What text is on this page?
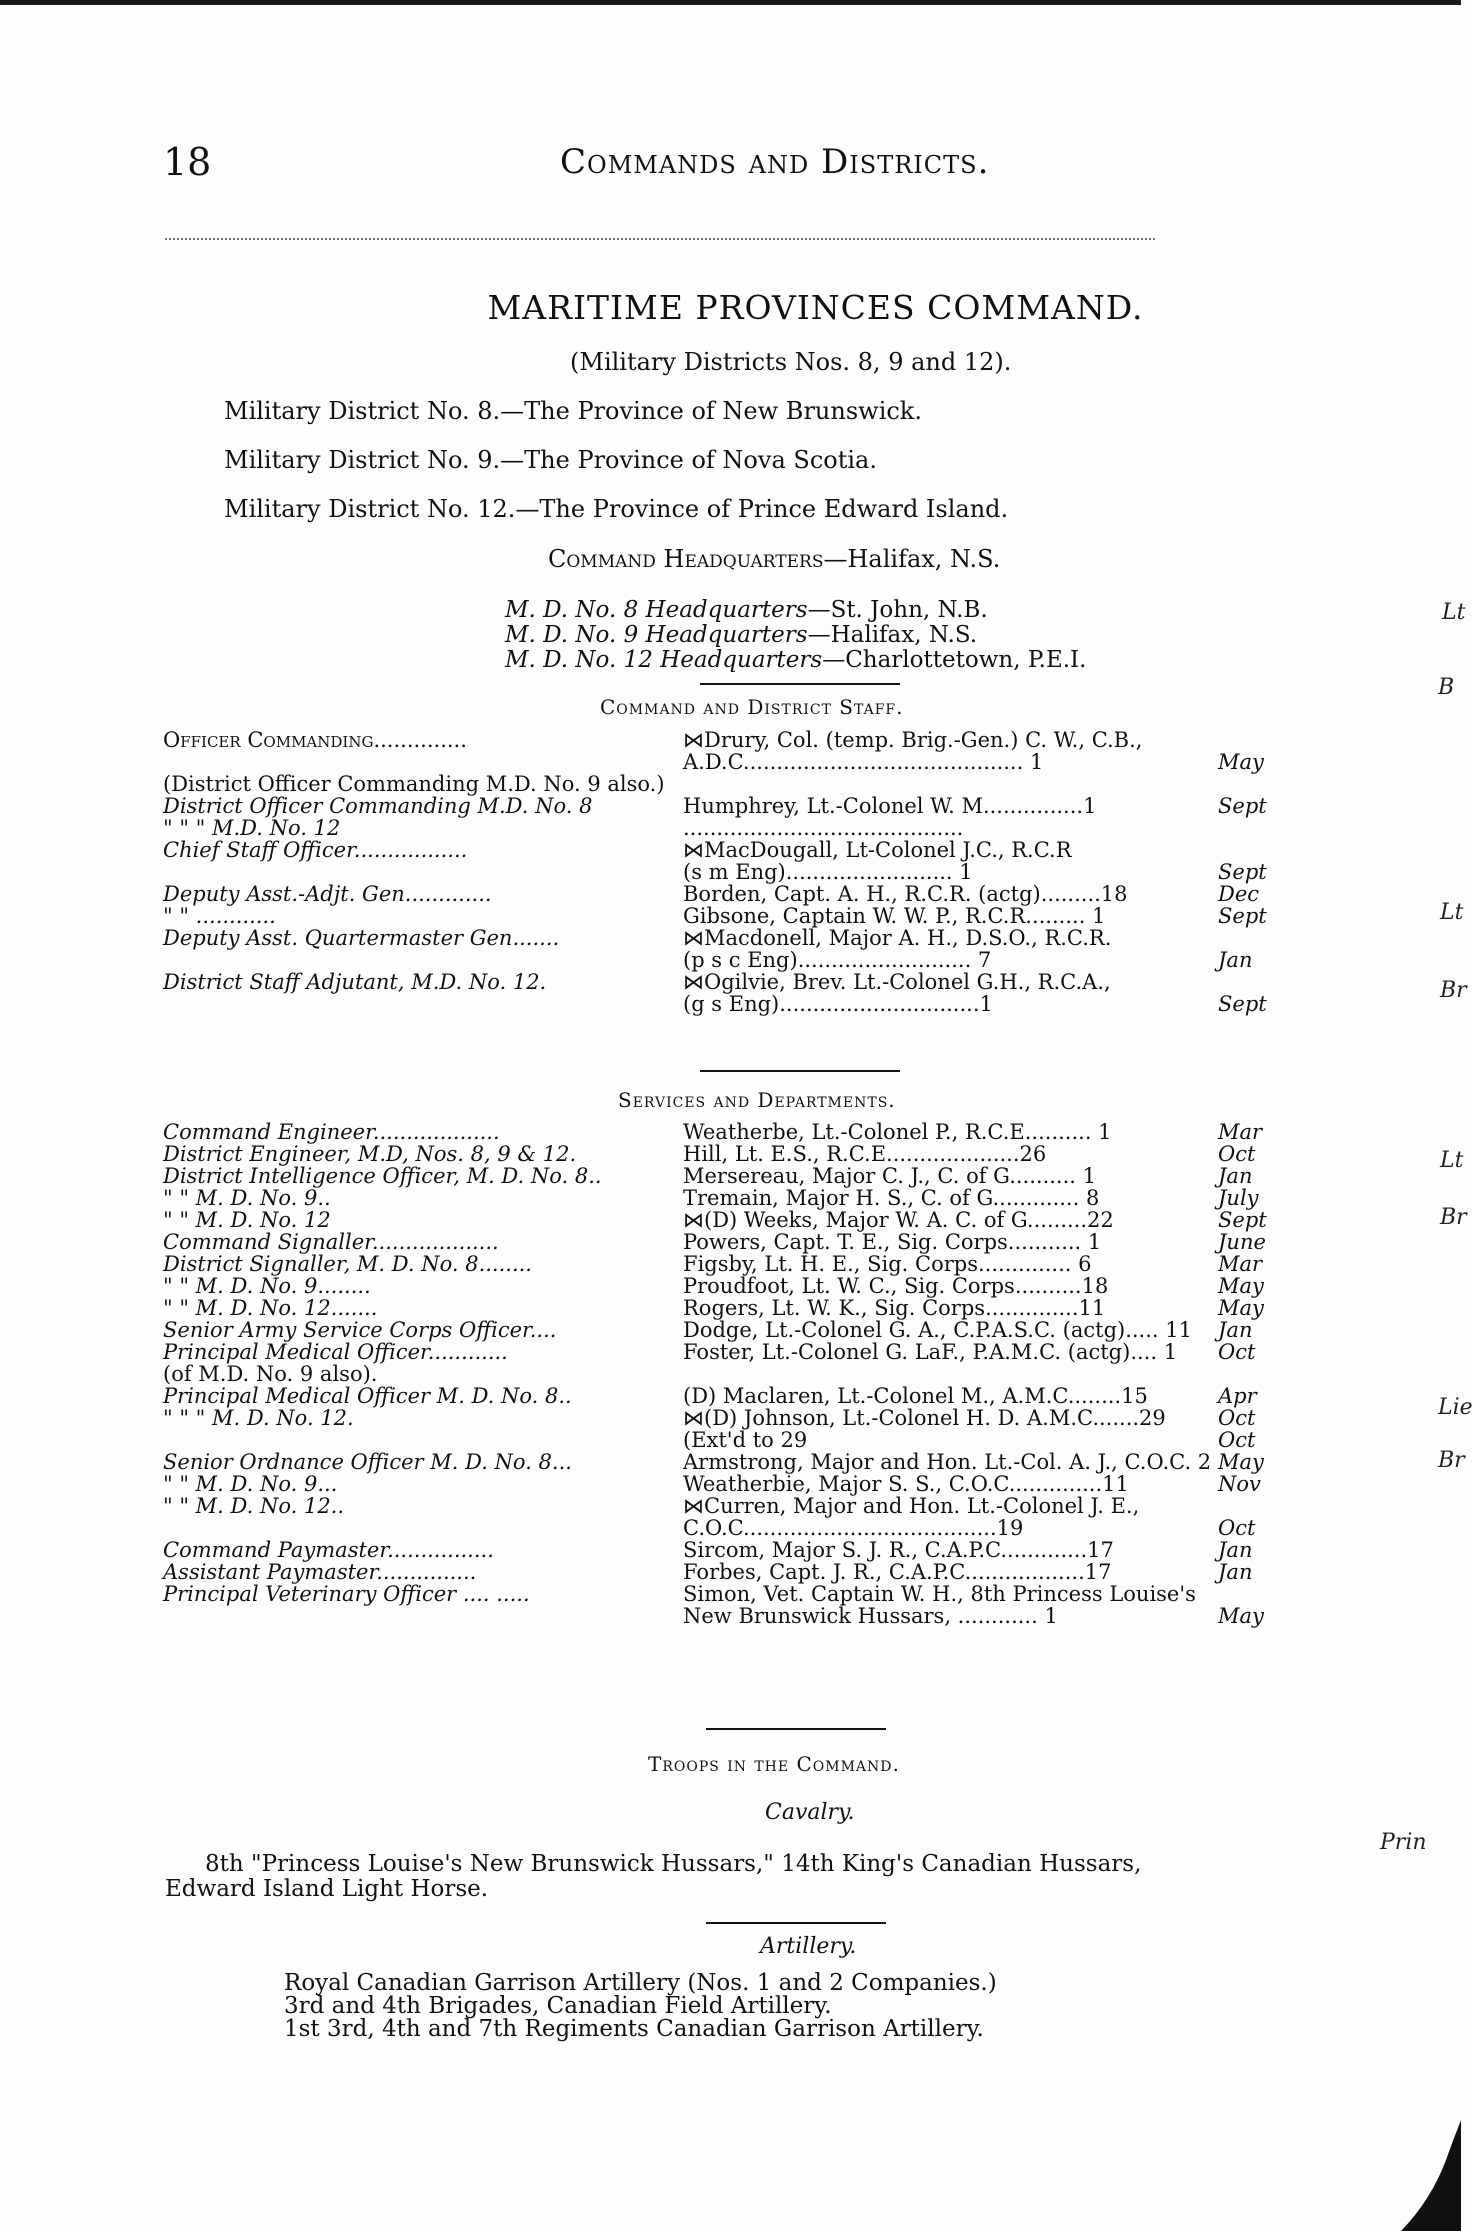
18	Commands and Districts.
MARITIME PROVINCES COMMAND.
(Military Districts Nos. 8, 9 and 12).
Military District No. 8.—The Province of New Brunswick.
Military District No. 9.—The Province of Nova Scotia.
Military District No. 12.—The Province of Prince Edward Island.
Command Headquarters—Halifax, N.S.
M. D. No. 8 Headquarters—St. John, N.B.
M. D. No. 9 Headquarters—Halifax, N.S.
M. D. No. 12 Headquarters—Charlottetown, P.E.I.
Command and District Staff.
Officer Commanding..............	⋈Drury, Col. (temp. Brig.-Gen.) C. W., C.B.,
A.D.C.......................................... 1	May
(District Officer Commanding M.D. No. 9 also.)
District Officer Commanding M.D. No. 8	Humphrey, Lt.-Colonel W. M...............1	Sept
" " " M.D. No. 12	..........................................
Chief Staff Officer.................	⋈MacDougall, Lt-Colonel J.C., R.C.R
(s m Eng)......................... 1	Sept
Deputy Asst.-Adjt. Gen.............	Borden, Capt. A. H., R.C.R. (actg).........18	Dec
" " ............	Gibsone, Captain W. W. P., R.C.R......... 1	Sept
Deputy Asst. Quartermaster Gen.......	⋈Macdonell, Major A. H., D.S.O., R.C.R.
(p s c Eng).......................... 7	Jan
District Staff Adjutant, M.D. No. 12.	⋈Ogilvie, Brev. Lt.-Colonel G.H., R.C.A.,
(g s Eng)..............................1	Sept
Services and Departments.
Command Engineer...................	Weatherbe, Lt.-Colonel P., R.C.E.......... 1	Mar
District Engineer, M.D, Nos. 8, 9 & 12.	Hill, Lt. E.S., R.C.E....................26	Oct
District Intelligence Officer, M. D. No. 8..	Mersereau, Major C. J., C. of G.......... 1	Jan
" " M. D. No. 9..	Tremain, Major H. S., C. of G............. 8	July
" " M. D. No. 12	⋈(D) Weeks, Major W. A. C. of G.........22	Sept
Command Signaller...................	Powers, Capt. T. E., Sig. Corps........... 1	June
District Signaller, M. D. No. 8........	Figsby, Lt. H. E., Sig. Corps.............. 6	Mar
" " M. D. No. 9........	Proudfoot, Lt. W. C., Sig. Corps..........18	May
" " M. D. No. 12.......	Rogers, Lt. W. K., Sig. Corps..............11	May
Senior Army Service Corps Officer....	Dodge, Lt.-Colonel G. A., C.P.A.S.C. (actg)..... 11 Jan
Principal Medical Officer............	Foster, Lt.-Colonel G. LaF., P.A.M.C. (actg).... 1 Oct
(of M.D. No. 9 also).
Principal Medical Officer M. D. No. 8..	(D) Maclaren, Lt.-Colonel M., A.M.C........15	Apr
" " " M. D. No. 12.	⋈(D) Johnson, Lt.-Colonel H. D. A.M.C.......29 Oct
(Ext'd to 29	Oct
Senior Ordnance Officer M. D. No. 8...	Armstrong, Major and Hon. Lt.-Col. A. J., C.O.C. 2 May
" " M. D. No. 9...	Weatherbie, Major S. S., C.O.C..............11	Nov
" " M. D. No. 12..	⋈Curren, Major and Hon. Lt.-Colonel J. E.,
C.O.C......................................19	Oct
Command Paymaster................	Sircom, Major S. J. R., C.A.P.C.............17	Jan
Assistant Paymaster...............	Forbes, Capt. J. R., C.A.P.C..................17	Jan
Principal Veterinary Officer .... .....	Simon, Vet. Captain W. H., 8th Princess Louise's
New Brunswick Hussars, ............ 1	May
Troops in the Command.
Cavalry.
8th "Princess Louise's New Brunswick Hussars," 14th King's Canadian Hussars,
Edward Island Light Horse.
Prin
Artillery.
Royal Canadian Garrison Artillery (Nos. 1 and 2 Companies.)
3rd and 4th Brigades, Canadian Field Artillery.
1st 3rd, 4th and 7th Regiments Canadian Garrison Artillery.
Lt
B
Lt
Br
Lt
Br
Lie
Br
